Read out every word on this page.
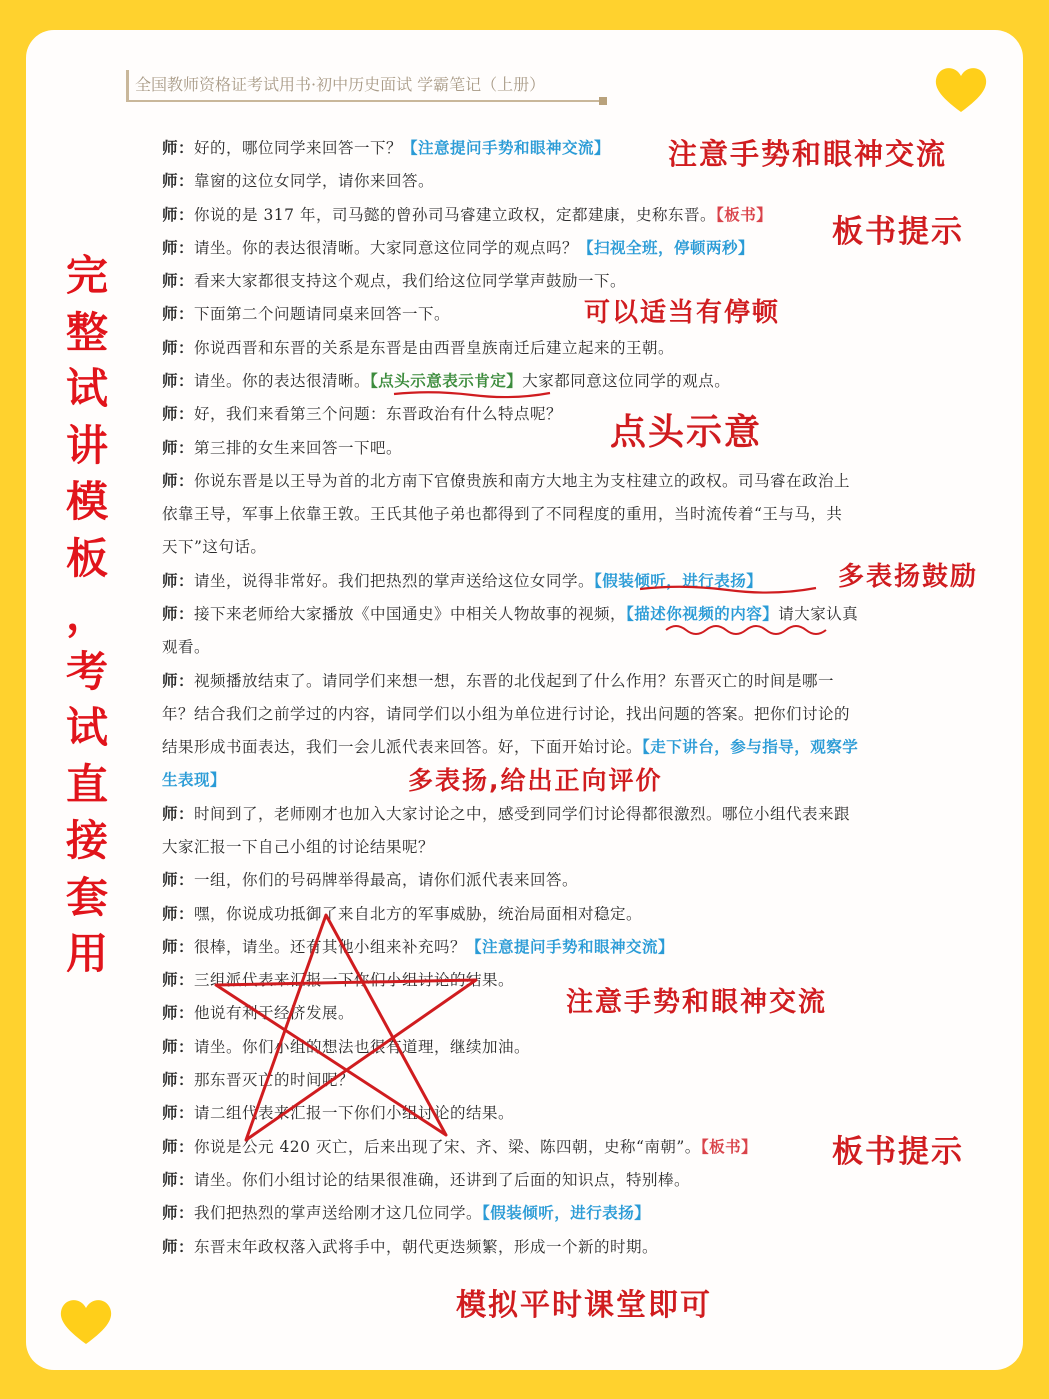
全国教师资格证考试用书·初中历史面试 学霸笔记（上册）
完
整
试
讲
模
板
，
考
试
直
接
套
用
师：好的，哪位同学来回答一下？【注意提问手势和眼神交流】
师：靠窗的这位女同学，请你来回答。
师：你说的是 317 年，司马懿的曾孙司马睿建立政权，定都建康，史称东晋。【板书】
师：请坐。你的表达很清晰。大家同意这位同学的观点吗？【扫视全班，停顿两秒】
师：看来大家都很支持这个观点，我们给这位同学掌声鼓励一下。
师：下面第二个问题请同桌来回答一下。
师：你说西晋和东晋的关系是东晋是由西晋皇族南迁后建立起来的王朝。
师：请坐。你的表达很清晰。【点头示意表示肯定】大家都同意这位同学的观点。
师：好，我们来看第三个问题：东晋政治有什么特点呢？
师：第三排的女生来回答一下吧。
师：你说东晋是以王导为首的北方南下官僚贵族和南方大地主为支柱建立的政权。司马睿在政治上
依靠王导，军事上依靠王敦。王氏其他子弟也都得到了不同程度的重用，当时流传着“王与马，共
天下”这句话。
师：请坐，说得非常好。我们把热烈的掌声送给这位女同学。【假装倾听，进行表扬】
师：接下来老师给大家播放《中国通史》中相关人物故事的视频，【描述你视频的内容】请大家认真
观看。
师：视频播放结束了。请同学们来想一想，东晋的北伐起到了什么作用？东晋灭亡的时间是哪一
年？结合我们之前学过的内容，请同学们以小组为单位进行讨论，找出问题的答案。把你们讨论的
结果形成书面表达，我们一会儿派代表来回答。好，下面开始讨论。【走下讲台，参与指导，观察学
生表现】
师：时间到了，老师刚才也加入大家讨论之中，感受到同学们讨论得都很激烈。哪位小组代表来跟
大家汇报一下自己小组的讨论结果呢？
师：一组，你们的号码牌举得最高，请你们派代表来回答。
师：嘿，你说成功抵御了来自北方的军事威胁，统治局面相对稳定。
师：很棒，请坐。还有其他小组来补充吗？【注意提问手势和眼神交流】
师：三组派代表来汇报一下你们小组讨论的结果。
师：他说有利于经济发展。
师：请坐。你们小组的想法也很有道理，继续加油。
师：那东晋灭亡的时间呢？
师：请二组代表来汇报一下你们小组讨论的结果。
师：你说是公元 420 灭亡，后来出现了宋、齐、梁、陈四朝，史称“南朝”。【板书】
师：请坐。你们小组讨论的结果很准确，还讲到了后面的知识点，特别棒。
师：我们把热烈的掌声送给刚才这几位同学。【假装倾听，进行表扬】
师：东晋末年政权落入武将手中，朝代更迭频繁，形成一个新的时期。
注意手势和眼神交流
板书提示
可以适当有停顿
点头示意
多表扬鼓励
多表扬,给出正向评价
注意手势和眼神交流
板书提示
模拟平时课堂即可
